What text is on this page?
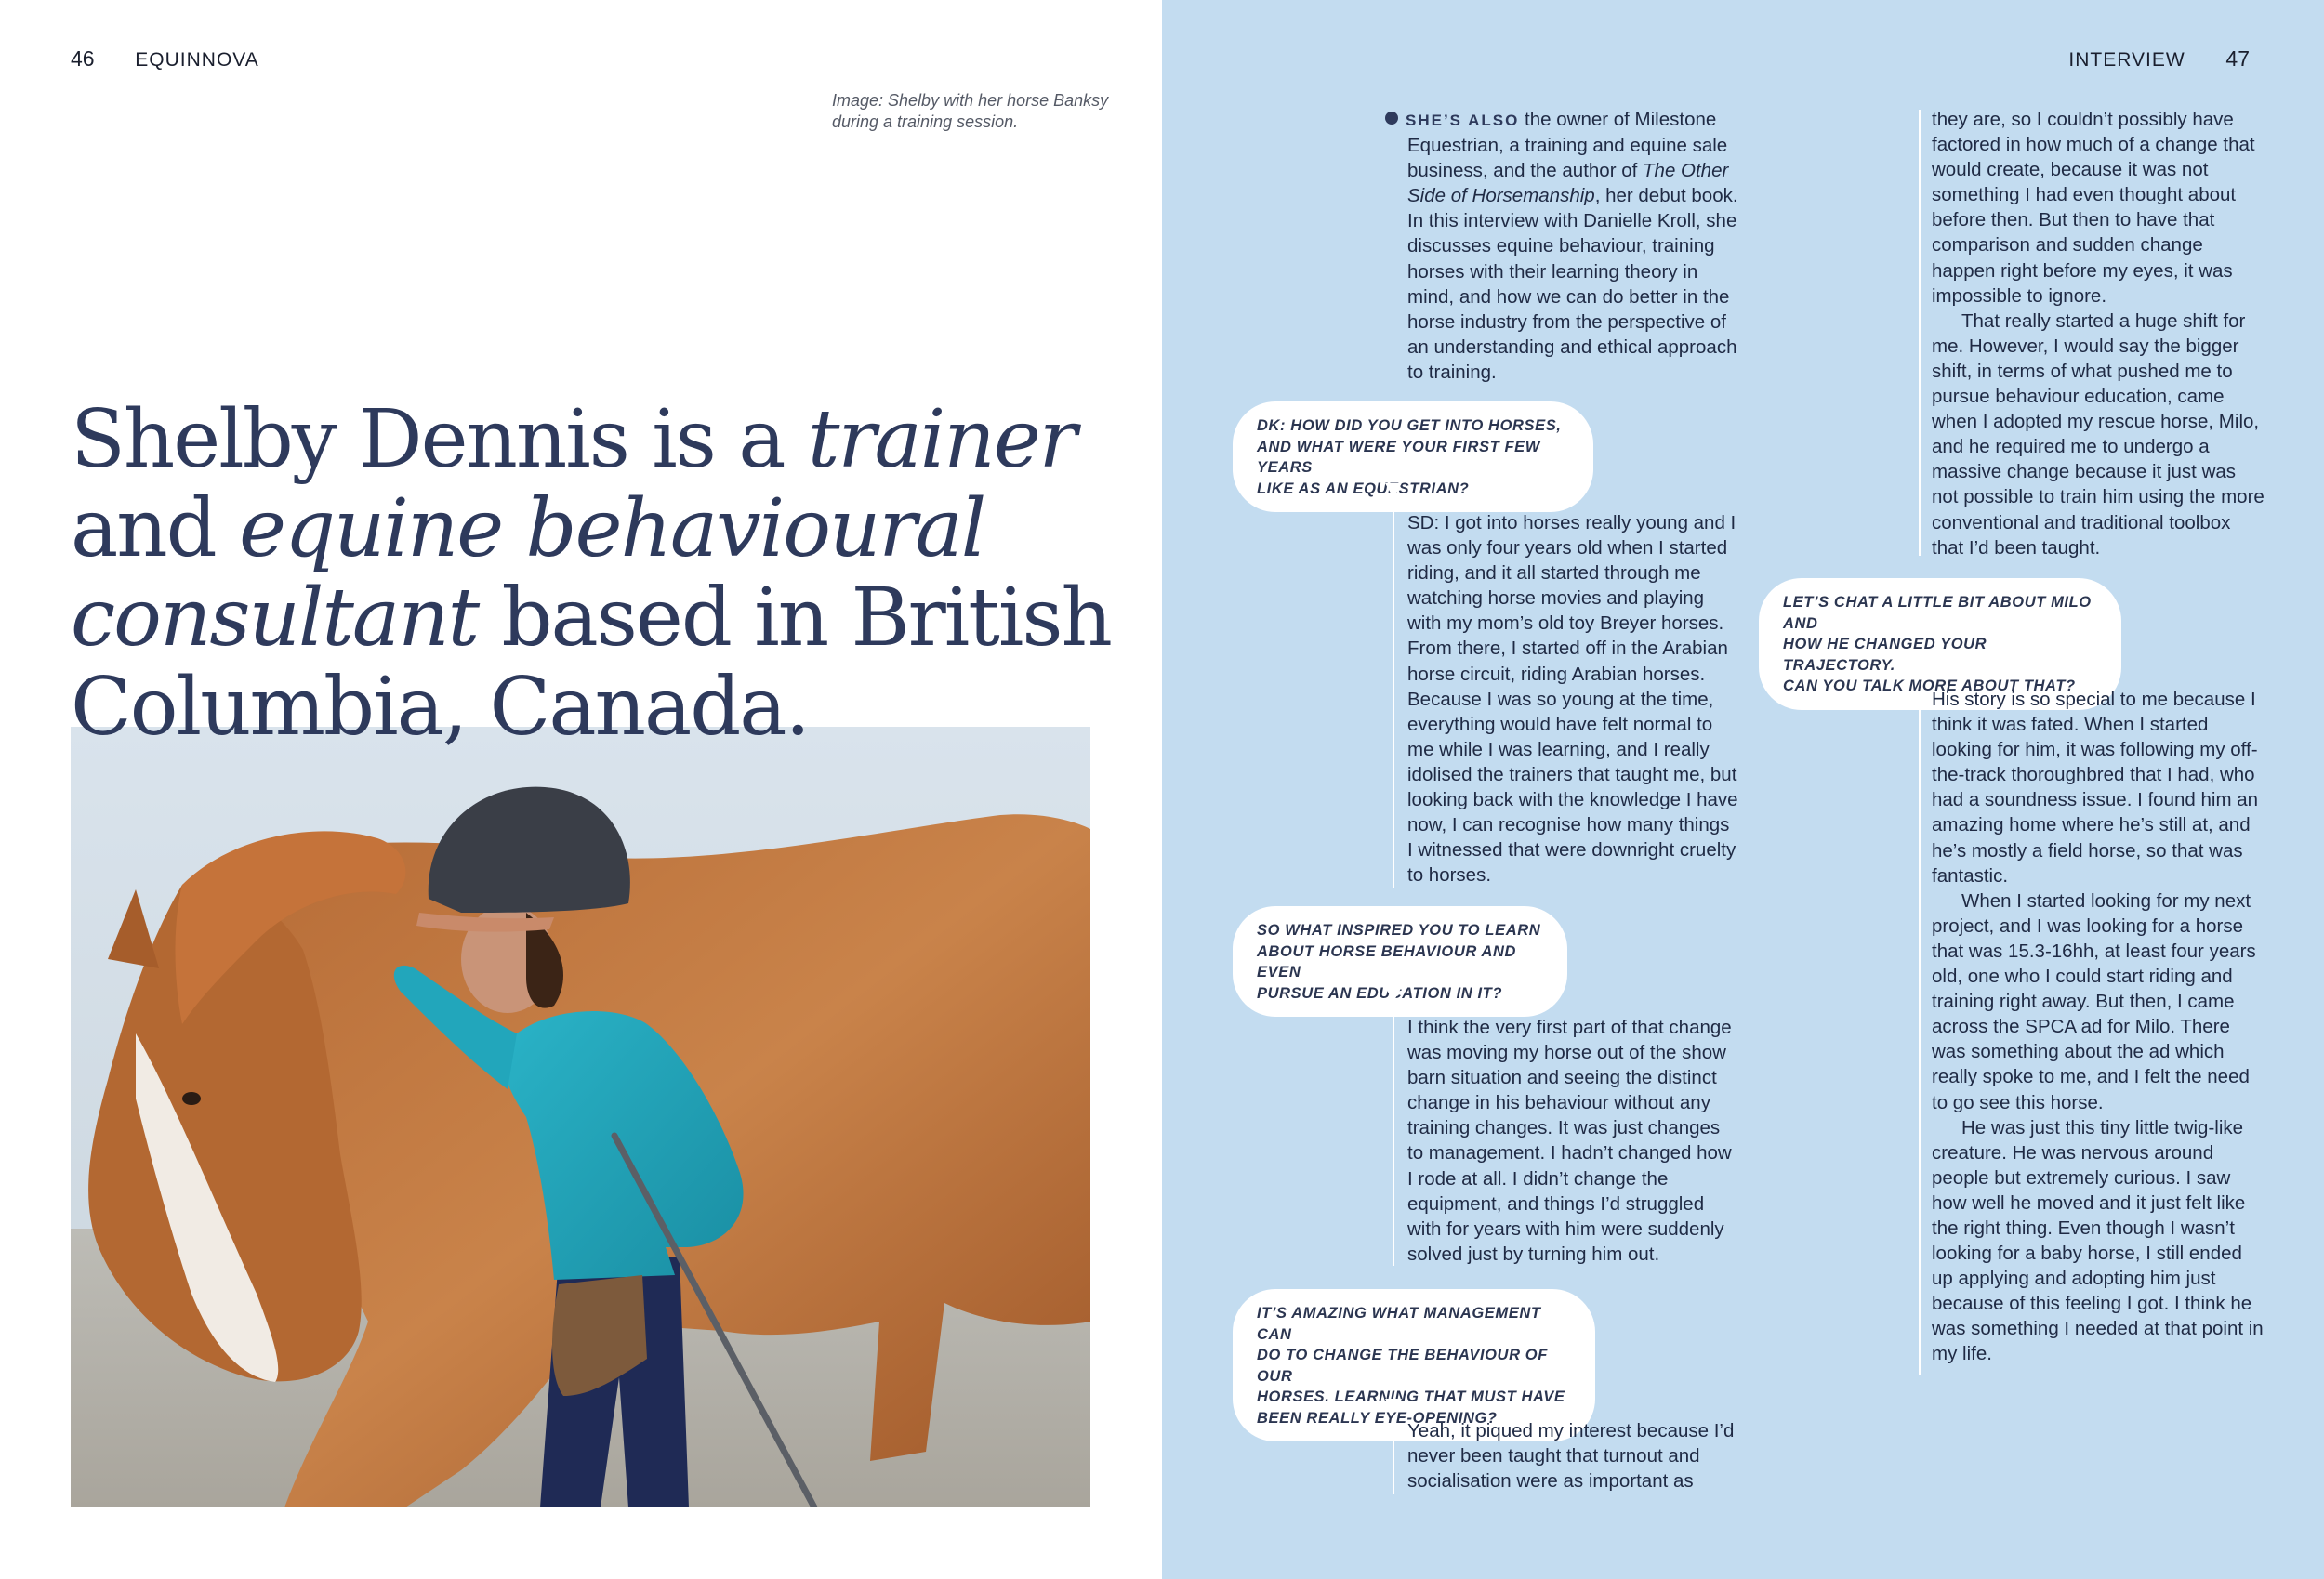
46 EQUINNOVA
Image: Shelby with her horse Banksy during a training session.
Shelby Dennis is a trainer and equine behavioural consultant based in British Columbia, Canada.
INTERVIEW 47

SHE’S ALSO the owner of Milestone Equestrian, a training and equine sale business, and the author of The Other Side of Horsemanship, her debut book. In this interview with Danielle Kroll, she discusses equine behaviour, training horses with their learning theory in mind, and how we can do better in the horse industry from the perspective of an understanding and ethical approach to training.

DK: HOW DID YOU GET INTO HORSES,
AND WHAT WERE YOUR FIRST FEW YEARS
LIKE AS AN EQUESTRIAN?

SD: I got into horses really young and I was only four years old when I started riding, and it all started through me watching horse movies and playing with my mom’s old toy Breyer horses. From there, I started off in the Arabian horse circuit, riding Arabian horses. Because I was so young at the time, everything would have felt normal to me while I was learning, and I really idolised the trainers that taught me, but looking back with the knowledge I have now, I can recognise how many things I witnessed that were downright cruelty to horses.

SO WHAT INSPIRED YOU TO LEARN
ABOUT HORSE BEHAVIOUR AND EVEN
PURSUE AN EDUCATION IN IT?

I think the very first part of that change was moving my horse out of the show barn situation and seeing the distinct change in his behaviour without any training changes. It was just changes to management. I hadn’t changed how I rode at all. I didn’t change the equipment, and things I’d struggled with for years with him were suddenly solved just by turning him out.

IT’S AMAZING WHAT MANAGEMENT CAN
DO TO CHANGE THE BEHAVIOUR OF OUR
HORSES. LEARNING THAT MUST HAVE
BEEN REALLY EYE-OPENING?

Yeah, it piqued my interest because I’d never been taught that turnout and socialisation were as important as

they are, so I couldn’t possibly have factored in how much of a change that would create, because it was not something I had even thought about before then. But then to have that comparison and sudden change happen right before my eyes, it was impossible to ignore.

That really started a huge shift for me. However, I would say the bigger shift, in terms of what pushed me to pursue behaviour education, came when I adopted my rescue horse, Milo, and he required me to undergo a massive change because it just was not possible to train him using the more conventional and traditional toolbox that I’d been taught.

LET’S CHAT A LITTLE BIT ABOUT MILO AND
HOW HE CHANGED YOUR TRAJECTORY.
CAN YOU TALK MORE ABOUT THAT?

His story is so special to me because I think it was fated. When I started looking for him, it was following my off-the-track thoroughbred that I had, who had a soundness issue. I found him an amazing home where he’s still at, and he’s mostly a field horse, so that was fantastic.

When I started looking for my next project, and I was looking for a horse that was 15.3-16hh, at least four years old, one who I could start riding and training right away. But then, I came across the SPCA ad for Milo. There was something about the ad which really spoke to me, and I felt the need to go see this horse.

He was just this tiny little twig-like creature. He was nervous around people but extremely curious. I saw how well he moved and it just felt like the right thing. Even though I wasn’t looking for a baby horse, I still ended up applying and adopting him just because of this feeling I got. I think he was something I needed at that point in my life.
